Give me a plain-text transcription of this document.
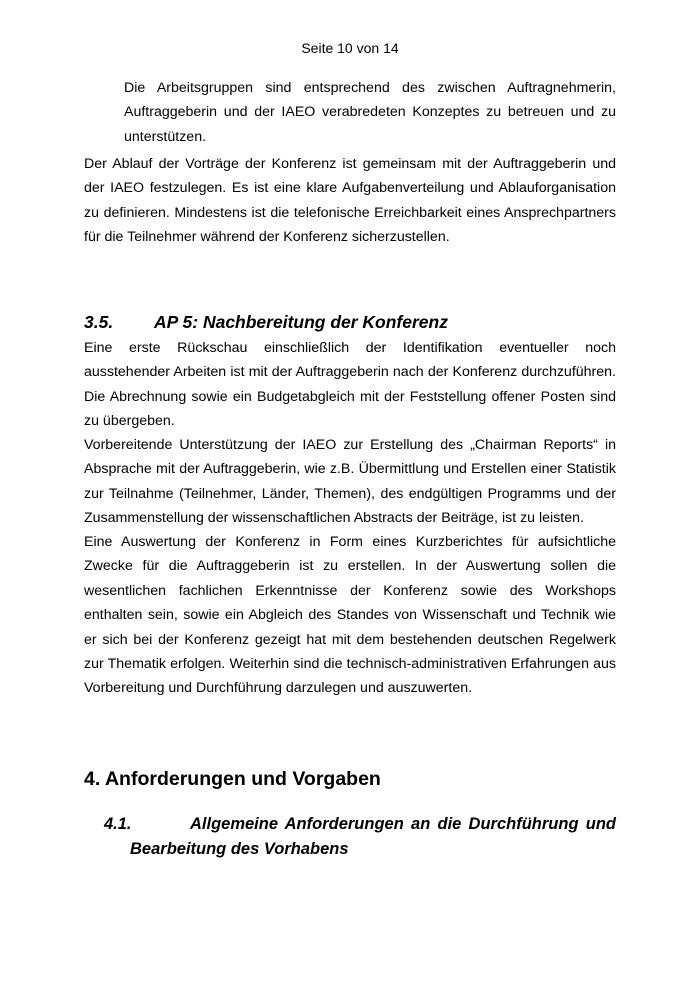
Seite 10 von 14
Die Arbeitsgruppen sind entsprechend des zwischen Auftragnehmerin, Auftraggeberin und der IAEO verabredeten Konzeptes zu betreuen und zu unterstützen.
Der Ablauf der Vorträge der Konferenz ist gemeinsam mit der Auftraggeberin und der IAEO festzulegen. Es ist eine klare Aufgabenverteilung und Ablauforganisation zu definieren. Mindestens ist die telefonische Erreichbarkeit eines Ansprechpartners für die Teilnehmer während der Konferenz sicherzustellen.
3.5. AP 5: Nachbereitung der Konferenz
Eine erste Rückschau einschließlich der Identifikation eventueller noch ausstehender Arbeiten ist mit der Auftraggeberin nach der Konferenz durchzuführen. Die Abrechnung sowie ein Budgetabgleich mit der Feststellung offener Posten sind zu übergeben.
Vorbereitende Unterstützung der IAEO zur Erstellung des „Chairman Reports“ in Absprache mit der Auftraggeberin, wie z.B. Übermittlung und Erstellen einer Statistik zur Teilnahme (Teilnehmer, Länder, Themen), des endgültigen Programms und der Zusammenstellung der wissenschaftlichen Abstracts der Beiträge, ist zu leisten.
Eine Auswertung der Konferenz in Form eines Kurzberichtes für aufsichtliche Zwecke für die Auftraggeberin ist zu erstellen. In der Auswertung sollen die wesentlichen fachlichen Erkenntnisse der Konferenz sowie des Workshops enthalten sein, sowie ein Abgleich des Standes von Wissenschaft und Technik wie er sich bei der Konferenz gezeigt hat mit dem bestehenden deutschen Regelwerk zur Thematik erfolgen. Weiterhin sind die technisch-administrativen Erfahrungen aus Vorbereitung und Durchführung darzulegen und auszuwerten.
4. Anforderungen und Vorgaben
4.1.	Allgemeine Anforderungen an die Durchführung und
Bearbeitung des Vorhabens
